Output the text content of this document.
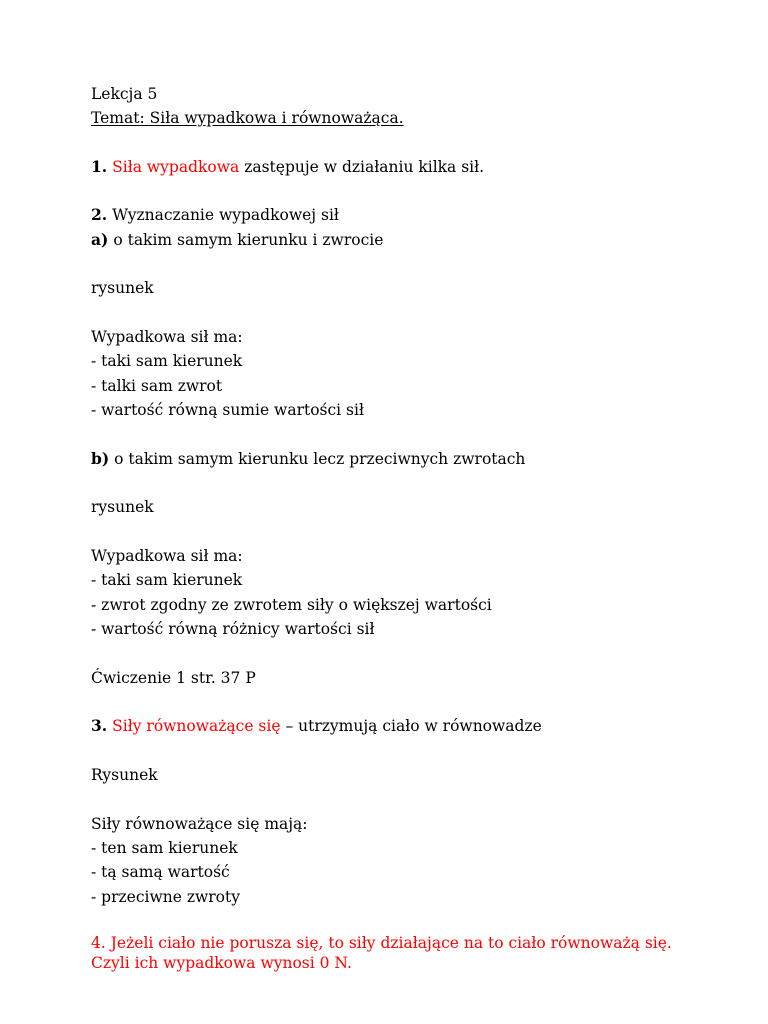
Lekcja 5
Temat: Siła wypadkowa i równoważąca.
1. Siła wypadkowa zastępuje w działaniu kilka sił.
2. Wyznaczanie wypadkowej sił
a) o takim samym kierunku i zwrocie
rysunek
Wypadkowa sił ma:
- taki sam kierunek
- talki sam zwrot
- wartość równą sumie wartości sił
b) o takim samym kierunku lecz przeciwnych zwrotach
rysunek
Wypadkowa sił ma:
- taki sam kierunek
- zwrot zgodny ze zwrotem siły o większej wartości
- wartość równą różnicy wartości sił
Ćwiczenie 1 str. 37 P
3. Siły równoważące się – utrzymują ciało w równowadze
Rysunek
Siły równoważące się mają:
- ten sam kierunek
- tą samą wartość
- przeciwne zwroty
4. Jeżeli ciało nie porusza się, to siły działające na to ciało równoważą się.
Czyli ich wypadkowa wynosi 0 N.
